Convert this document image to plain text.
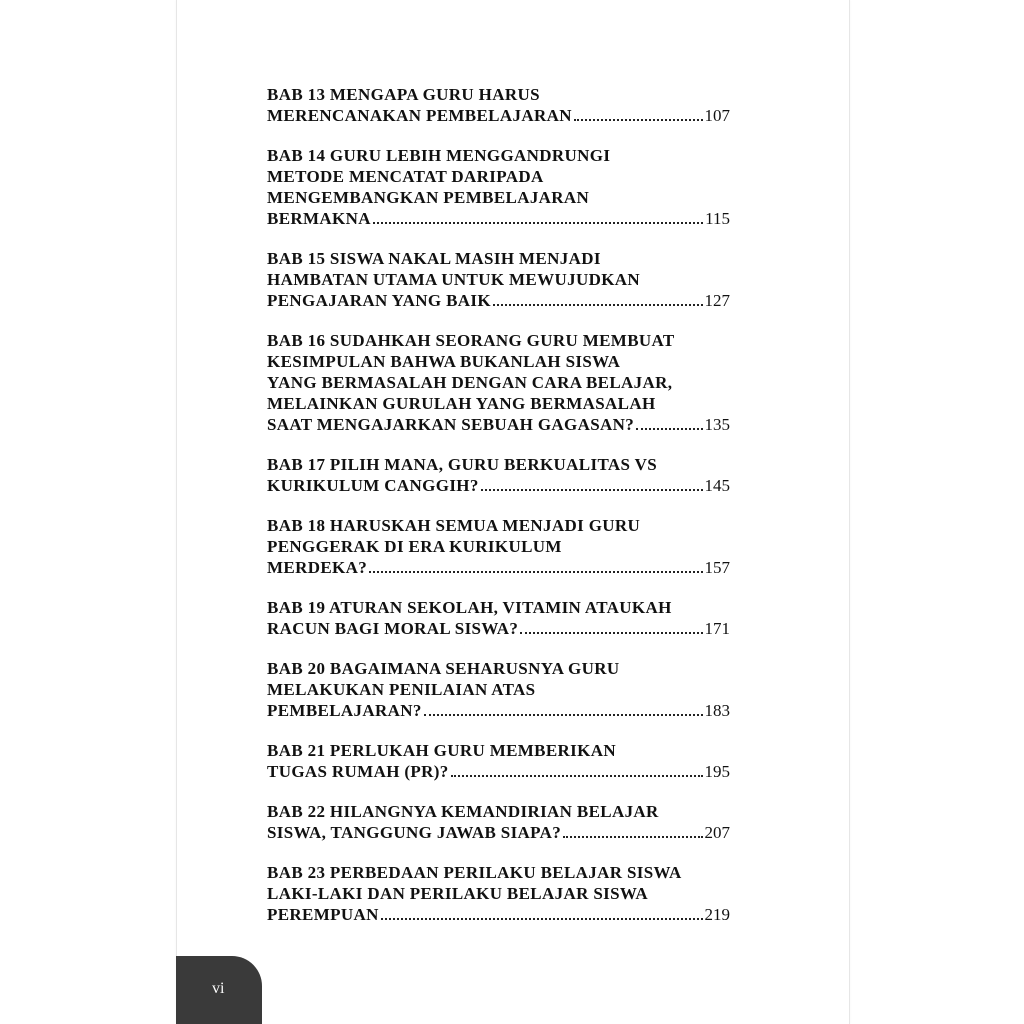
BAB 13 MENGAPA GURU HARUS
MERENCANAKAN PEMBELAJARAN	107
BAB 14 GURU LEBIH MENGGANDRUNGI
METODE MENCATAT DARIPADA
MENGEMBANGKAN PEMBELAJARAN
BERMAKNA	115
BAB 15 SISWA NAKAL MASIH MENJADI
HAMBATAN UTAMA UNTUK MEWUJUDKAN
PENGAJARAN YANG BAIK	127
BAB 16 SUDAHKAH SEORANG GURU MEMBUAT
KESIMPULAN BAHWA BUKANLAH SISWA
YANG BERMASALAH DENGAN CARA BELAJAR,
MELAINKAN GURULAH YANG BERMASALAH
SAAT MENGAJARKAN SEBUAH GAGASAN?	135
BAB 17 PILIH MANA, GURU BERKUALITAS VS
KURIKULUM CANGGIH?	145
BAB 18 HARUSKAH SEMUA MENJADI GURU
PENGGERAK DI ERA KURIKULUM
MERDEKA?	157
BAB 19 ATURAN SEKOLAH, VITAMIN ATAUKAH
RACUN BAGI MORAL SISWA?	171
BAB 20 BAGAIMANA SEHARUSNYA GURU
MELAKUKAN PENILAIAN ATAS
PEMBELAJARAN?	183
BAB 21 PERLUKAH GURU MEMBERIKAN
TUGAS RUMAH (PR)?	195
BAB 22 HILANGNYA KEMANDIRIAN BELAJAR
SISWA, TANGGUNG JAWAB SIAPA?	207
BAB 23 PERBEDAAN PERILAKU BELAJAR SISWA
LAKI-LAKI DAN PERILAKU BELAJAR SISWA
PEREMPUAN	219
vi
